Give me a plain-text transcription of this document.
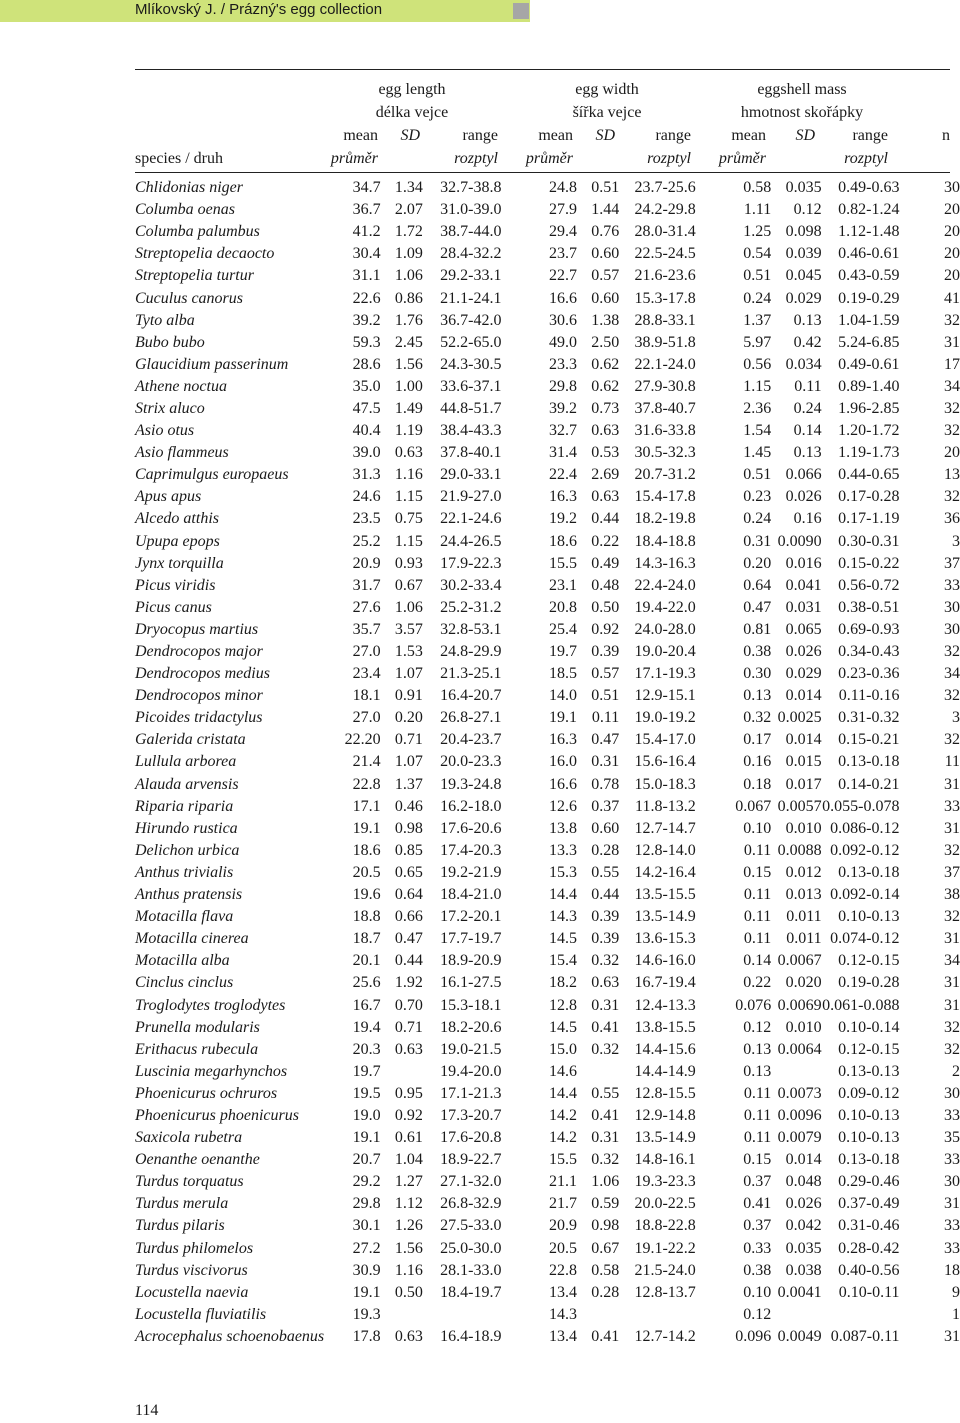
Mlíkovský J. / Prázný's egg collection
egg length
délka vejce
egg width
šířka vejce
eggshell mass
hmotnost skořápky
mean	SD	range	mean	SD	range	mean	SD	range	n
species / druh	průměr	rozptyl	průměr	rozptyl	průměr	rozptyl
Chlidonias niger	34.7	1.34	32.7-38.8	24.8	0.51	23.7-25.6	0.58	0.035	0.49-0.63	30
Columba oenas	36.7	2.07	31.0-39.0	27.9	1.44	24.2-29.8	1.11	0.12	0.82-1.24	20
Columba palumbus	41.2	1.72	38.7-44.0	29.4	0.76	28.0-31.4	1.25	0.098	1.12-1.48	20
Streptopelia decaocto	30.4	1.09	28.4-32.2	23.7	0.60	22.5-24.5	0.54	0.039	0.46-0.61	20
Streptopelia turtur	31.1	1.06	29.2-33.1	22.7	0.57	21.6-23.6	0.51	0.045	0.43-0.59	20
Cuculus canorus	22.6	0.86	21.1-24.1	16.6	0.60	15.3-17.8	0.24	0.029	0.19-0.29	41
Tyto alba	39.2	1.76	36.7-42.0	30.6	1.38	28.8-33.1	1.37	0.13	1.04-1.59	32
Bubo bubo	59.3	2.45	52.2-65.0	49.0	2.50	38.9-51.8	5.97	0.42	5.24-6.85	31
Glaucidium passerinum	28.6	1.56	24.3-30.5	23.3	0.62	22.1-24.0	0.56	0.034	0.49-0.61	17
Athene noctua	35.0	1.00	33.6-37.1	29.8	0.62	27.9-30.8	1.15	0.11	0.89-1.40	34
Strix aluco	47.5	1.49	44.8-51.7	39.2	0.73	37.8-40.7	2.36	0.24	1.96-2.85	32
Asio otus	40.4	1.19	38.4-43.3	32.7	0.63	31.6-33.8	1.54	0.14	1.20-1.72	32
Asio flammeus	39.0	0.63	37.8-40.1	31.4	0.53	30.5-32.3	1.45	0.13	1.19-1.73	20
Caprimulgus europaeus	31.3	1.16	29.0-33.1	22.4	2.69	20.7-31.2	0.51	0.066	0.44-0.65	13
Apus apus	24.6	1.15	21.9-27.0	16.3	0.63	15.4-17.8	0.23	0.026	0.17-0.28	32
Alcedo atthis	23.5	0.75	22.1-24.6	19.2	0.44	18.2-19.8	0.24	0.16	0.17-1.19	36
Upupa epops	25.2	1.15	24.4-26.5	18.6	0.22	18.4-18.8	0.31	0.0090	0.30-0.31	3
Jynx torquilla	20.9	0.93	17.9-22.3	15.5	0.49	14.3-16.3	0.20	0.016	0.15-0.22	37
Picus viridis	31.7	0.67	30.2-33.4	23.1	0.48	22.4-24.0	0.64	0.041	0.56-0.72	33
Picus canus	27.6	1.06	25.2-31.2	20.8	0.50	19.4-22.0	0.47	0.031	0.38-0.51	30
Dryocopus martius	35.7	3.57	32.8-53.1	25.4	0.92	24.0-28.0	0.81	0.065	0.69-0.93	30
Dendrocopos major	27.0	1.53	24.8-29.9	19.7	0.39	19.0-20.4	0.38	0.026	0.34-0.43	32
Dendrocopos medius	23.4	1.07	21.3-25.1	18.5	0.57	17.1-19.3	0.30	0.029	0.23-0.36	34
Dendrocopos minor	18.1	0.91	16.4-20.7	14.0	0.51	12.9-15.1	0.13	0.014	0.11-0.16	32
Picoides tridactylus	27.0	0.20	26.8-27.1	19.1	0.11	19.0-19.2	0.32	0.0025	0.31-0.32	3
Galerida cristata	22.20	0.71	20.4-23.7	16.3	0.47	15.4-17.0	0.17	0.014	0.15-0.21	32
Lullula arborea	21.4	1.07	20.0-23.3	16.0	0.31	15.6-16.4	0.16	0.015	0.13-0.18	11
Alauda arvensis	22.8	1.37	19.3-24.8	16.6	0.78	15.0-18.3	0.18	0.017	0.14-0.21	31
Riparia riparia	17.1	0.46	16.2-18.0	12.6	0.37	11.8-13.2	0.067	0.0057	0.055-0.078	33
Hirundo rustica	19.1	0.98	17.6-20.6	13.8	0.60	12.7-14.7	0.10	0.010	0.086-0.12	31
Delichon urbica	18.6	0.85	17.4-20.3	13.3	0.28	12.8-14.0	0.11	0.0088	0.092-0.12	32
Anthus trivialis	20.5	0.65	19.2-21.9	15.3	0.55	14.2-16.4	0.15	0.012	0.13-0.18	37
Anthus pratensis	19.6	0.64	18.4-21.0	14.4	0.44	13.5-15.5	0.11	0.013	0.092-0.14	38
Motacilla flava	18.8	0.66	17.2-20.1	14.3	0.39	13.5-14.9	0.11	0.011	0.10-0.13	32
Motacilla cinerea	18.7	0.47	17.7-19.7	14.5	0.39	13.6-15.3	0.11	0.011	0.074-0.12	31
Motacilla alba	20.1	0.44	18.9-20.9	15.4	0.32	14.6-16.0	0.14	0.0067	0.12-0.15	34
Cinclus cinclus	25.6	1.92	16.1-27.5	18.2	0.63	16.7-19.4	0.22	0.020	0.19-0.28	31
Troglodytes troglodytes	16.7	0.70	15.3-18.1	12.8	0.31	12.4-13.3	0.076	0.0069	0.061-0.088	31
Prunella modularis	19.4	0.71	18.2-20.6	14.5	0.41	13.8-15.5	0.12	0.010	0.10-0.14	32
Erithacus rubecula	20.3	0.63	19.0-21.5	15.0	0.32	14.4-15.6	0.13	0.0064	0.12-0.15	32
Luscinia megarhynchos	19.7		19.4-20.0	14.6		14.4-14.9	0.13		0.13-0.13	2
Phoenicurus ochruros	19.5	0.95	17.1-21.3	14.4	0.55	12.8-15.5	0.11	0.0073	0.09-0.12	30
Phoenicurus phoenicurus	19.0	0.92	17.3-20.7	14.2	0.41	12.9-14.8	0.11	0.0096	0.10-0.13	33
Saxicola rubetra	19.1	0.61	17.6-20.8	14.2	0.31	13.5-14.9	0.11	0.0079	0.10-0.13	35
Oenanthe oenanthe	20.7	1.04	18.9-22.7	15.5	0.32	14.8-16.1	0.15	0.014	0.13-0.18	33
Turdus torquatus	29.2	1.27	27.1-32.0	21.1	1.06	19.3-23.3	0.37	0.048	0.29-0.46	30
Turdus merula	29.8	1.12	26.8-32.9	21.7	0.59	20.0-22.5	0.41	0.026	0.37-0.49	31
Turdus pilaris	30.1	1.26	27.5-33.0	20.9	0.98	18.8-22.8	0.37	0.042	0.31-0.46	33
Turdus philomelos	27.2	1.56	25.0-30.0	20.5	0.67	19.1-22.2	0.33	0.035	0.28-0.42	33
Turdus viscivorus	30.9	1.16	28.1-33.0	22.8	0.58	21.5-24.0	0.38	0.038	0.40-0.56	18
Locustella naevia	19.1	0.50	18.4-19.7	13.4	0.28	12.8-13.7	0.10	0.0041	0.10-0.11	9
Locustella fluviatilis	19.3			14.3			0.12			1
Acrocephalus schoenobaenus	17.8	0.63	16.4-18.9	13.4	0.41	12.7-14.2	0.096	0.0049	0.087-0.11	31
114
